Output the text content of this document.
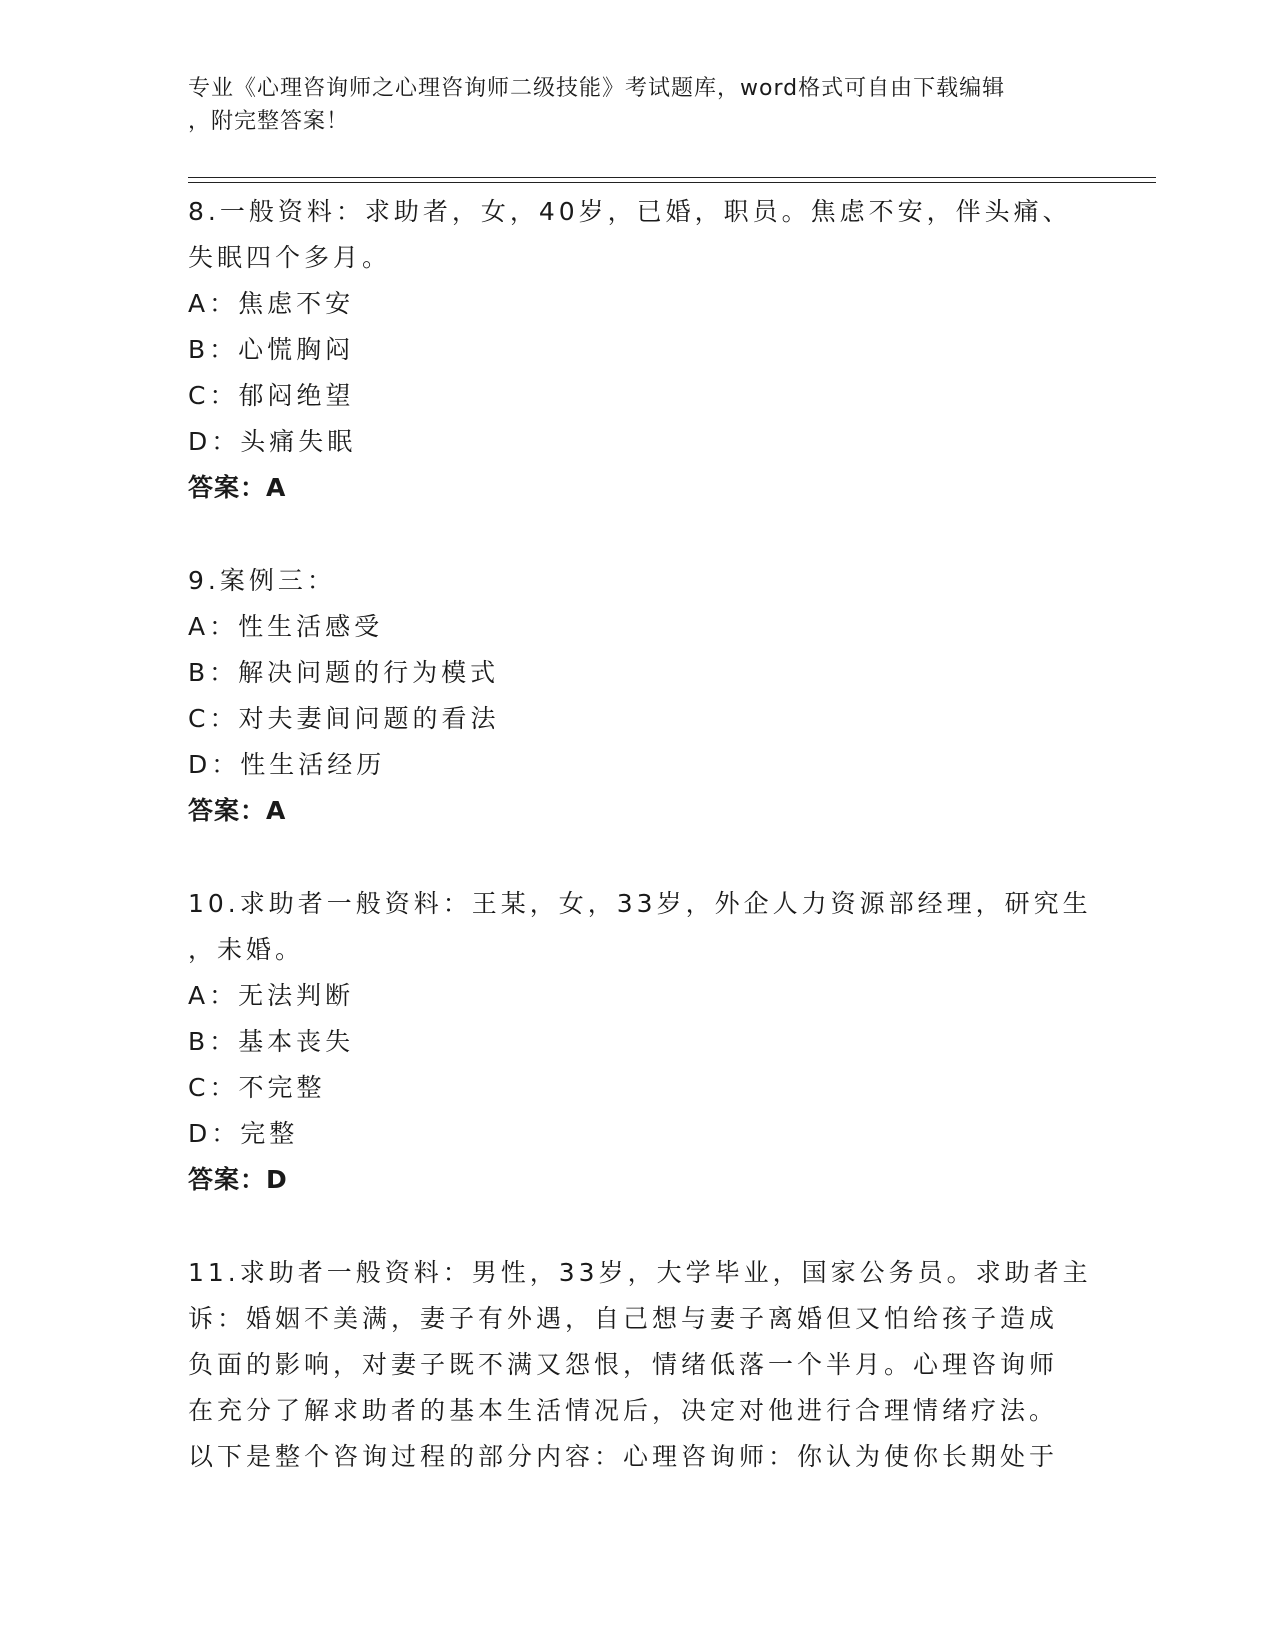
专业《心理咨询师之心理咨询师二级技能》考试题库，word格式可自由下载编辑
，附完整答案！
8.一般资料：求助者，女，40岁，已婚，职员。焦虑不安，伴头痛、
失眠四个多月。
A：焦虑不安
B：心慌胸闷
C：郁闷绝望
D：头痛失眠
答案：A
9.案例三：
A：性生活感受
B：解决问题的行为模式
C：对夫妻间问题的看法
D：性生活经历
答案：A
10.求助者一般资料：王某，女，33岁，外企人力资源部经理，研究生
，未婚。
A：无法判断
B：基本丧失
C：不完整
D：完整
答案：D
11.求助者一般资料：男性，33岁，大学毕业，国家公务员。求助者主
诉：婚姻不美满，妻子有外遇，自己想与妻子离婚但又怕给孩子造成
负面的影响，对妻子既不满又怨恨，情绪低落一个半月。心理咨询师
在充分了解求助者的基本生活情况后，决定对他进行合理情绪疗法。
以下是整个咨询过程的部分内容：心理咨询师：你认为使你长期处于
